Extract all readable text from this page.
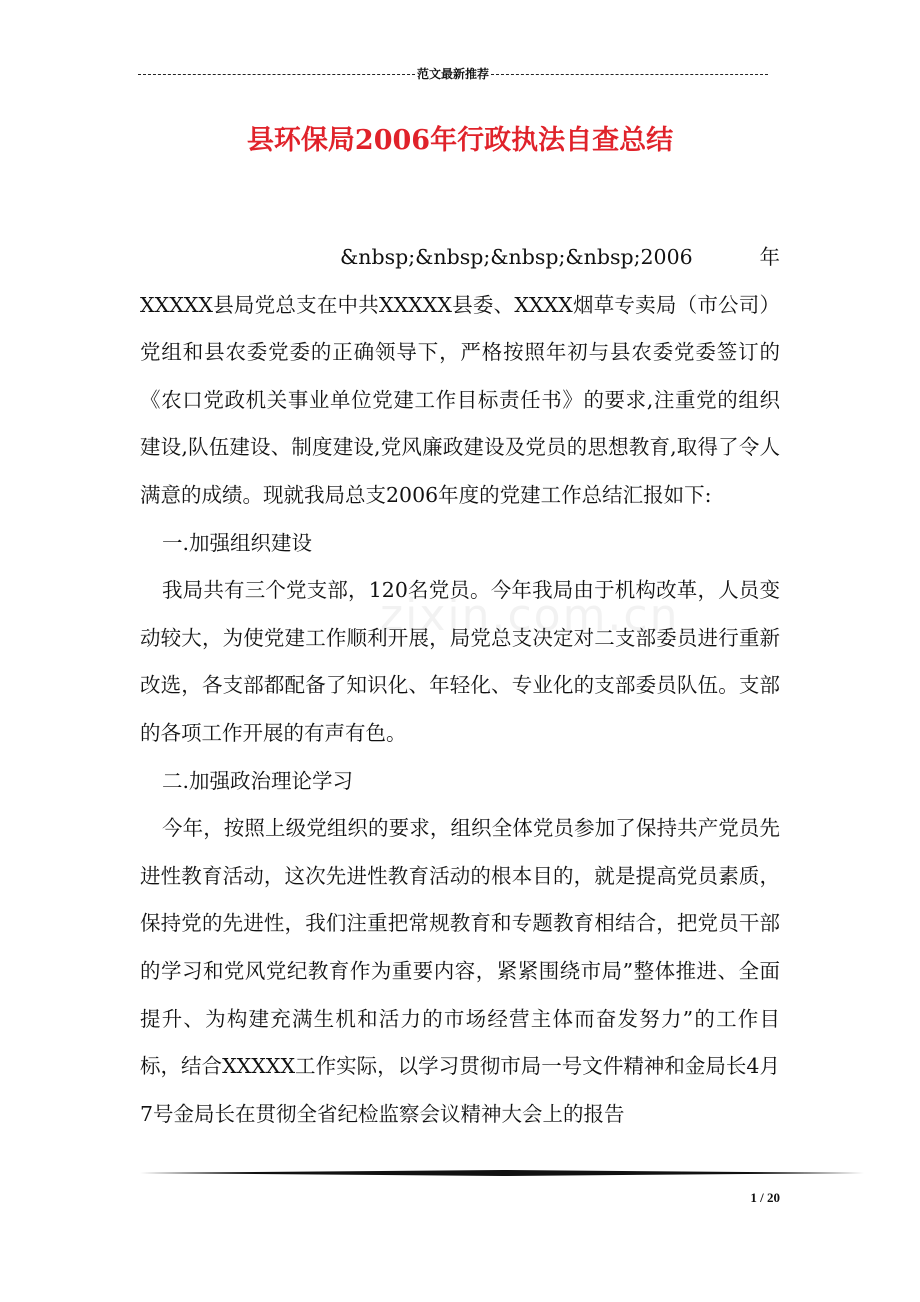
范文最新推荐
县环保局2006年行政执法自查总结
zixin.com.cn

&nbsp;&nbsp;&nbsp;&nbsp;2006年XXXXX县局党总支在中共XXXXX县委、XXXX烟草专卖局（市公司）党组和县农委党委的正确领导下，严格按照年初与县农委党委签订的《农口党政机关事业单位党建工作目标责任书》的要求,注重党的组织建设,队伍建设、制度建设,党风廉政建设及党员的思想教育,取得了令人满意的成绩。现就我局总支2006年度的党建工作总结汇报如下:

一.加强组织建设

我局共有三个党支部，120名党员。今年我局由于机构改革，人员变动较大，为使党建工作顺利开展，局党总支决定对二支部委员进行重新改选，各支部都配备了知识化、年轻化、专业化的支部委员队伍。支部的各项工作开展的有声有色。

二.加强政治理论学习

今年，按照上级党组织的要求，组织全体党员参加了保持共产党员先进性教育活动，这次先进性教育活动的根本目的，就是提高党员素质，保持党的先进性，我们注重把常规教育和专题教育相结合，把党员干部的学习和党风党纪教育作为重要内容，紧紧围绕市局”整体推进、全面提升、为构建充满生机和活力的市场经营主体而奋发努力”的工作目标，结合XXXXX工作实际，以学习贯彻市局一号文件精神和金局长4月7号金局长在贯彻全省纪检监察会议精神大会上的报告

1 / 20
